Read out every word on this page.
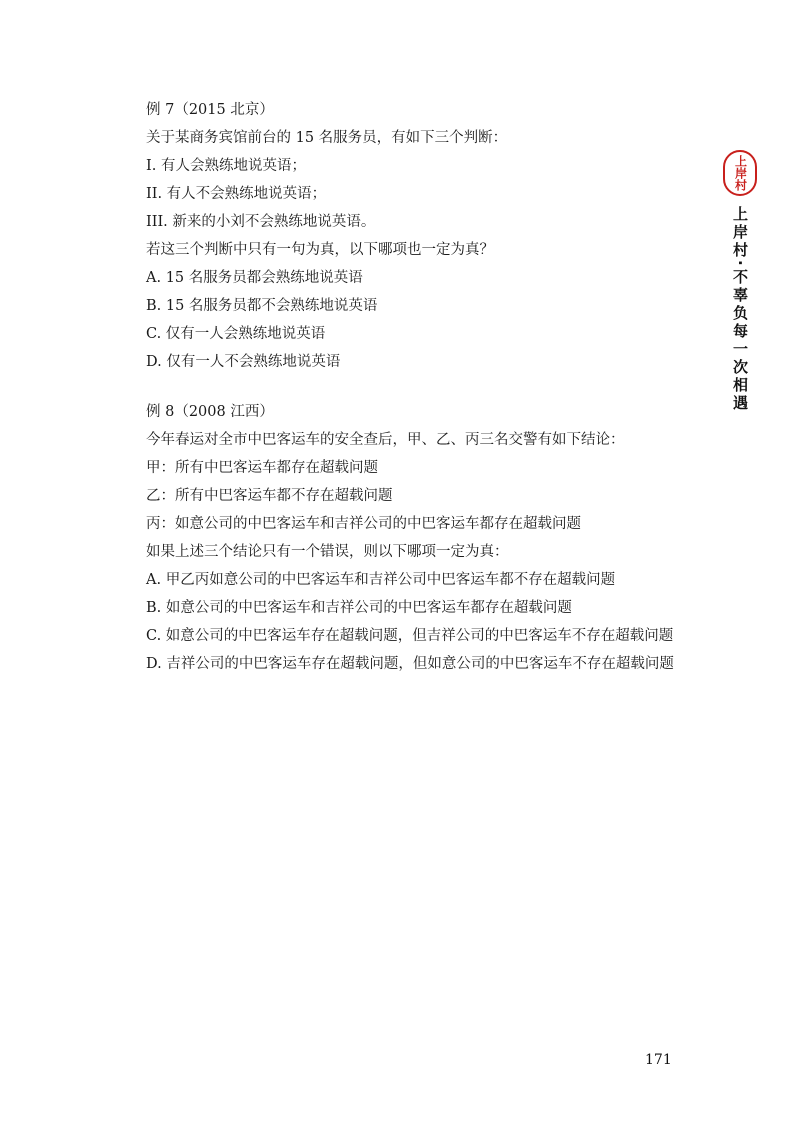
例 7（2015 北京）

关于某商务宾馆前台的 15 名服务员，有如下三个判断：

I. 有人会熟练地说英语；

II. 有人不会熟练地说英语；

III. 新来的小刘不会熟练地说英语。

若这三个判断中只有一句为真，以下哪项也一定为真？

A. 15 名服务员都会熟练地说英语

B. 15 名服务员都不会熟练地说英语

C. 仅有一人会熟练地说英语

D. 仅有一人不会熟练地说英语

例 8（2008 江西）

今年春运对全市中巴客运车的安全查后，甲、乙、丙三名交警有如下结论：

甲：所有中巴客运车都存在超载问题

乙：所有中巴客运车都不存在超载问题

丙：如意公司的中巴客运车和吉祥公司的中巴客运车都存在超载问题

如果上述三个结论只有一个错误，则以下哪项一定为真：

A. 甲乙丙如意公司的中巴客运车和吉祥公司中巴客运车都不存在超载问题

B. 如意公司的中巴客运车和吉祥公司的中巴客运车都存在超载问题

C. 如意公司的中巴客运车存在超载问题，但吉祥公司的中巴客运车不存在超载问题

D. 吉祥公司的中巴客运车存在超载问题，但如意公司的中巴客运车不存在超载问题

上岸村
上岸村·不辜负每一次相遇
171
